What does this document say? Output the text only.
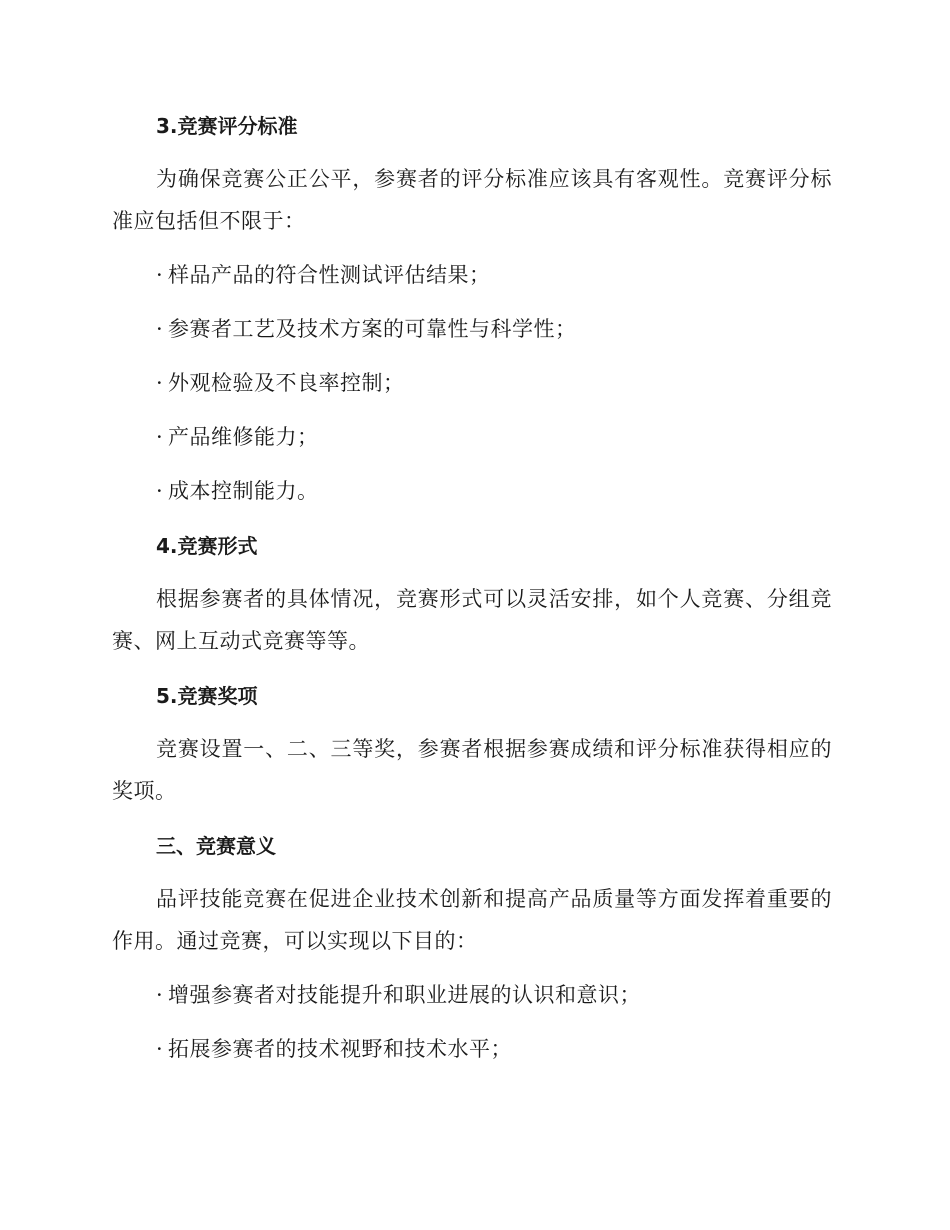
3.竞赛评分标准

为确保竞赛公正公平，参赛者的评分标准应该具有客观性。竞赛评分标准应包括但不限于：

· 样品产品的符合性测试评估结果；
· 参赛者工艺及技术方案的可靠性与科学性；
· 外观检验及不良率控制；
· 产品维修能力；
· 成本控制能力。
4.竞赛形式

根据参赛者的具体情况，竞赛形式可以灵活安排，如个人竞赛、分组竞赛、网上互动式竞赛等等。

5.竞赛奖项

竞赛设置一、二、三等奖，参赛者根据参赛成绩和评分标准获得相应的奖项。

三、竞赛意义

品评技能竞赛在促进企业技术创新和提高产品质量等方面发挥着重要的作用。通过竞赛，可以实现以下目的：

· 增强参赛者对技能提升和职业进展的认识和意识；
· 拓展参赛者的技术视野和技术水平；
